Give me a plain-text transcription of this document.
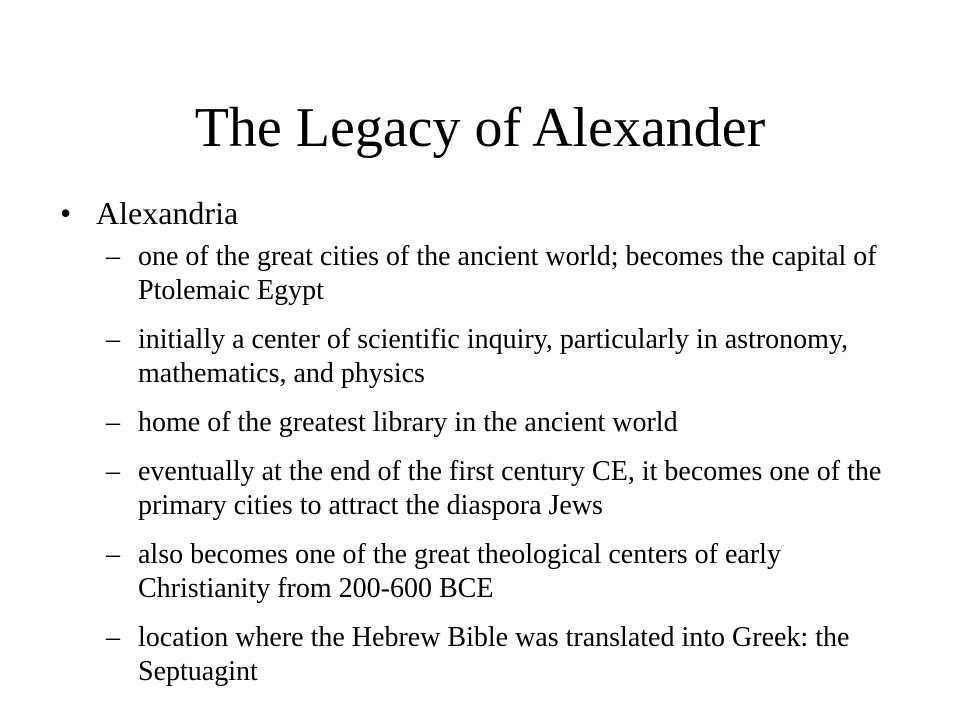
The Legacy of Alexander
• Alexandria
– one of the great cities of the ancient world; becomes the capital of Ptolemaic Egypt
– initially a center of scientific inquiry, particularly in astronomy, mathematics, and physics
– home of the greatest library in the ancient world
– eventually at the end of the first century CE, it becomes one of the primary cities to attract the diaspora Jews
– also becomes one of the great theological centers of early Christianity from 200-600 BCE
– location where the Hebrew Bible was translated into Greek: the Septuagint
